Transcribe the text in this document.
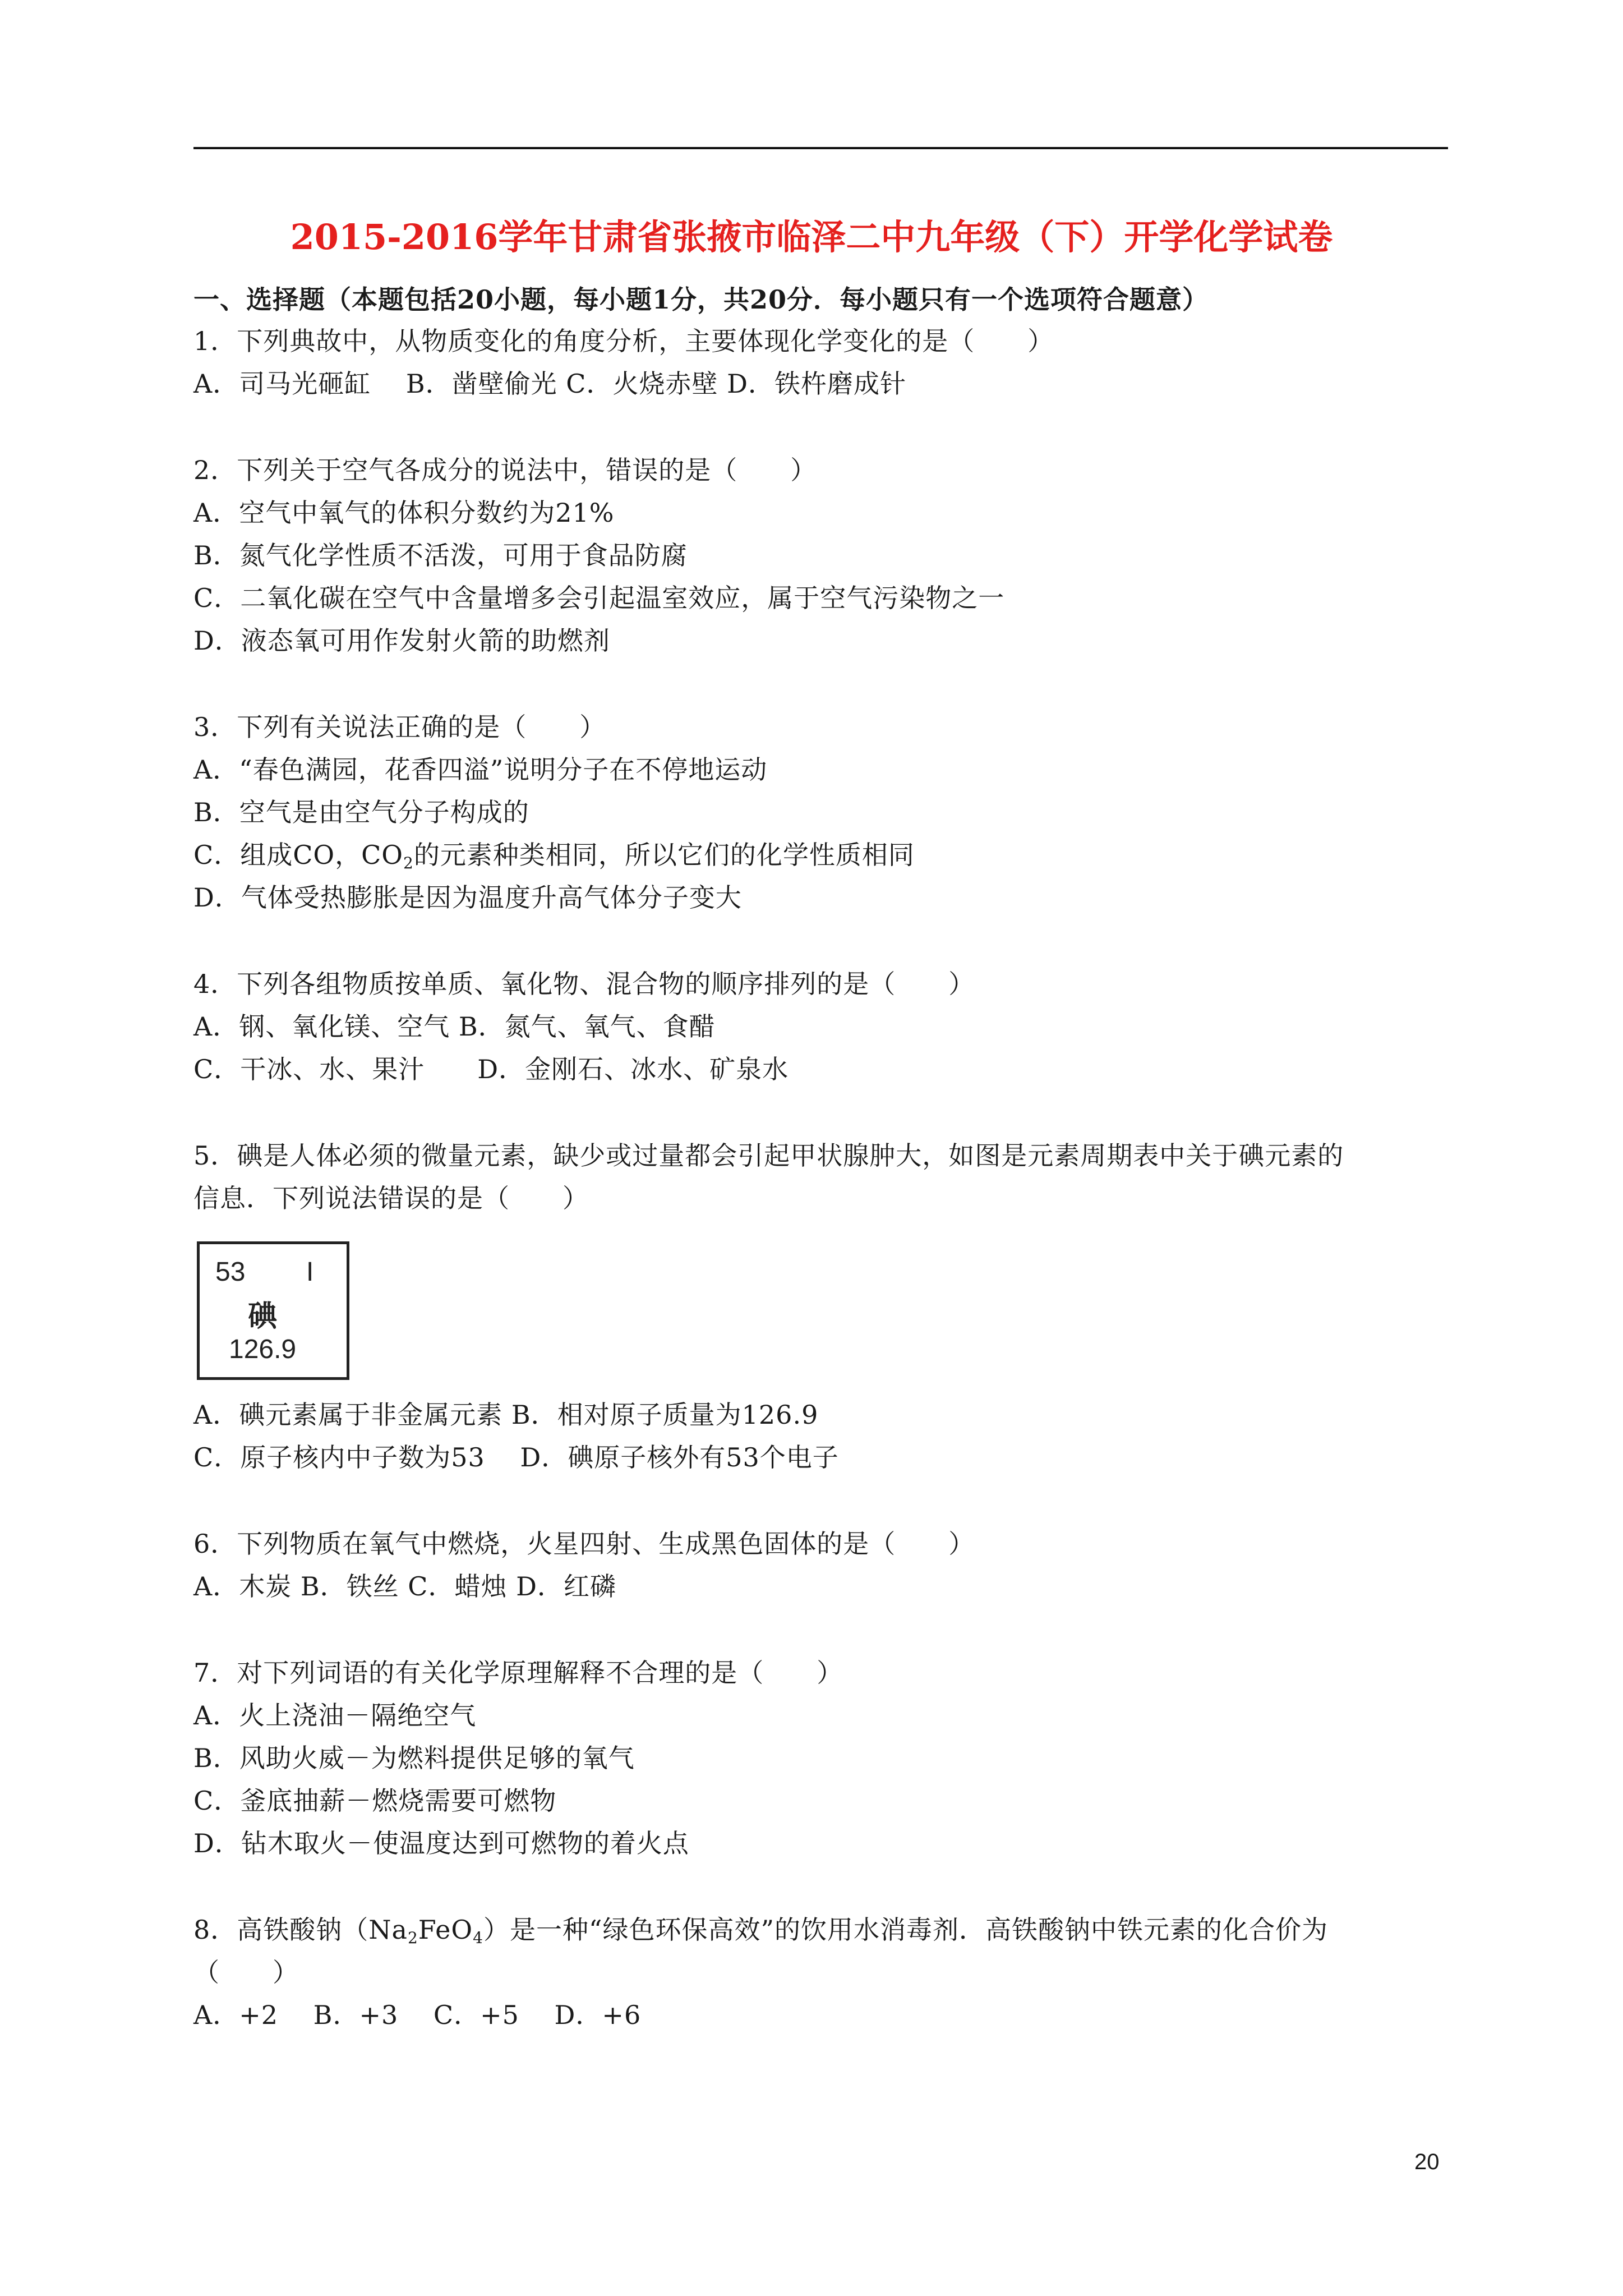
2015-2016学年甘肃省张掖市临泽二中九年级（下）开学化学试卷
一、选择题（本题包括20小题，每小题1分，共20分．每小题只有一个选项符合题意）
1．下列典故中，从物质变化的角度分析，主要体现化学变化的是（　　）
A．司马光砸缸　 B．凿壁偷光 C．火烧赤壁 D．铁杵磨成针
2．下列关于空气各成分的说法中，错误的是（　　）
A．空气中氧气的体积分数约为21%
B．氮气化学性质不活泼，可用于食品防腐
C．二氧化碳在空气中含量增多会引起温室效应，属于空气污染物之一
D．液态氧可用作发射火箭的助燃剂
3．下列有关说法正确的是（　　）
A．“春色满园，花香四溢”说明分子在不停地运动
B．空气是由空气分子构成的
C．组成CO，$CO_2$的元素种类相同，所以它们的化学性质相同
D．气体受热膨胀是因为温度升高气体分子变大
4．下列各组物质按单质、氧化物、混合物的顺序排列的是（　　）
A．钢、氧化镁、空气 B．氮气、氧气、食醋
C．干冰、水、果汁　　D．金刚石、冰水、矿泉水
5．碘是人体必须的微量元素，缺少或过量都会引起甲状腺肿大，如图是元素周期表中关于碘元素的
信息．下列说法错误的是（　　）
53 I
碘
126.9
A．碘元素属于非金属元素 B．相对原子质量为126.9
C．原子核内中子数为53　 D．碘原子核外有53个电子
6．下列物质在氧气中燃烧，火星四射、生成黑色固体的是（　　）
A．木炭 B．铁丝 C．蜡烛 D．红磷
7．对下列词语的有关化学原理解释不合理的是（　　）
A．火上浇油－隔绝空气
B．风助火威－为燃料提供足够的氧气
C．釜底抽薪－燃烧需要可燃物
D．钻木取火－使温度达到可燃物的着火点
8．高铁酸钠$(Na_2FeO_4)$是一种“绿色环保高效”的饮用水消毒剂．高铁酸钠中铁元素的化合价为
（　　）
A．+2　 B．+3　 C．+5　 D．+6
20
